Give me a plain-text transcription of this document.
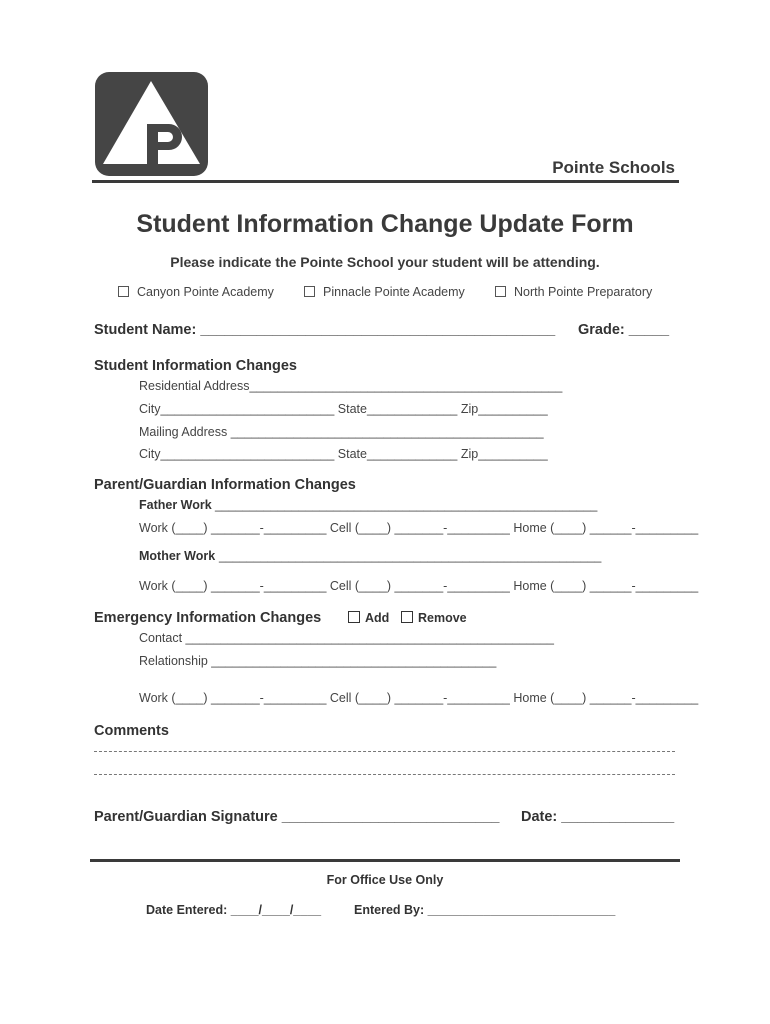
Pointe Schools
Student Information Change Update Form
Please indicate the Pointe School your student will be attending.
Canyon Pointe Academy	Pinnacle Pointe Academy	North Pointe Preparatory
Student Name: ____________________________________________ Grade: _____
Student Information Changes
Residential Address_____________________________________________
City_________________________ State_____________ Zip__________
Mailing Address _____________________________________________
City_________________________ State_____________ Zip__________
Parent/Guardian Information Changes
Father Work _______________________________________________________
Work (____) _______-_________ Cell (____) _______-_________ Home (____) ______-_________
Mother Work _______________________________________________________
Work (____) _______-_________ Cell (____) _______-_________ Home (____) ______-_________
Emergency Information Changes	Add	Remove
Contact _____________________________________________________
Relationship _________________________________________
Work (____) _______-_________ Cell (____) _______-_________ Home (____) ______-_________
Comments
Parent/Guardian Signature ___________________________ Date: ______________
For Office Use Only
Date Entered: ____/____/____	Entered By: ___________________________
